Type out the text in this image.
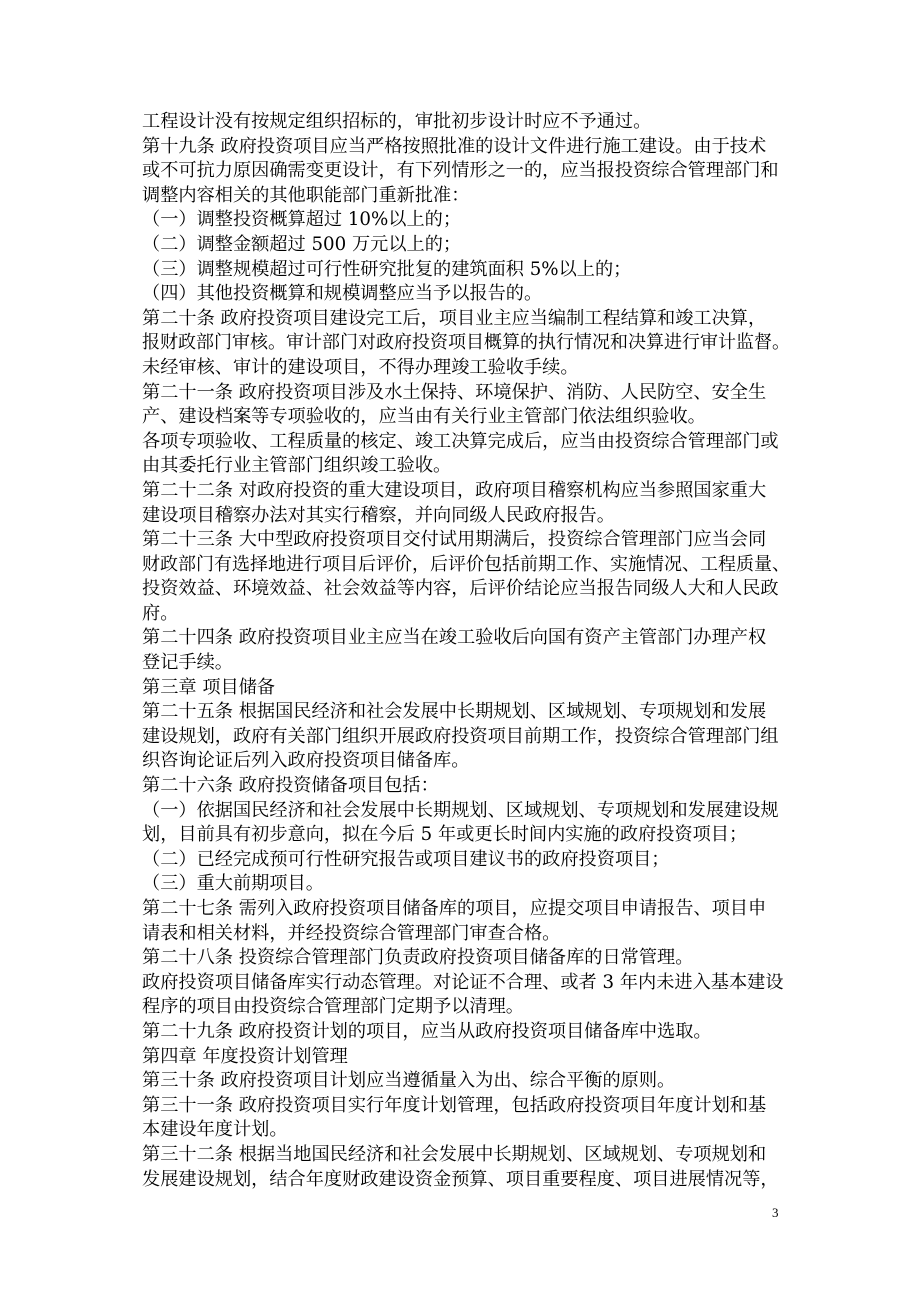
工程设计没有按规定组织招标的，审批初步设计时应不予通过。
第十九条 政府投资项目应当严格按照批准的设计文件进行施工建设。由于技术
或不可抗力原因确需变更设计，有下列情形之一的，应当报投资综合管理部门和
调整内容相关的其他职能部门重新批准：
（一）调整投资概算超过 10%以上的；
（二）调整金额超过 500 万元以上的；
（三）调整规模超过可行性研究批复的建筑面积 5%以上的；
（四）其他投资概算和规模调整应当予以报告的。
第二十条 政府投资项目建设完工后，项目业主应当编制工程结算和竣工决算，
报财政部门审核。审计部门对政府投资项目概算的执行情况和决算进行审计监督。
未经审核、审计的建设项目，不得办理竣工验收手续。
第二十一条 政府投资项目涉及水土保持、环境保护、消防、人民防空、安全生
产、建设档案等专项验收的，应当由有关行业主管部门依法组织验收。
各项专项验收、工程质量的核定、竣工决算完成后，应当由投资综合管理部门或
由其委托行业主管部门组织竣工验收。
第二十二条 对政府投资的重大建设项目，政府项目稽察机构应当参照国家重大
建设项目稽察办法对其实行稽察，并向同级人民政府报告。
第二十三条 大中型政府投资项目交付试用期满后，投资综合管理部门应当会同
财政部门有选择地进行项目后评价，后评价包括前期工作、实施情况、工程质量、
投资效益、环境效益、社会效益等内容，后评价结论应当报告同级人大和人民政
府。
第二十四条 政府投资项目业主应当在竣工验收后向国有资产主管部门办理产权
登记手续。
第三章 项目储备
第二十五条 根据国民经济和社会发展中长期规划、区域规划、专项规划和发展
建设规划，政府有关部门组织开展政府投资项目前期工作，投资综合管理部门组
织咨询论证后列入政府投资项目储备库。
第二十六条 政府投资储备项目包括：
（一）依据国民经济和社会发展中长期规划、区域规划、专项规划和发展建设规
划，目前具有初步意向，拟在今后 5 年或更长时间内实施的政府投资项目；
（二）已经完成预可行性研究报告或项目建议书的政府投资项目；
（三）重大前期项目。
第二十七条 需列入政府投资项目储备库的项目，应提交项目申请报告、项目申
请表和相关材料，并经投资综合管理部门审查合格。
第二十八条 投资综合管理部门负责政府投资项目储备库的日常管理。
政府投资项目储备库实行动态管理。对论证不合理、或者 3 年内未进入基本建设
程序的项目由投资综合管理部门定期予以清理。
第二十九条 政府投资计划的项目，应当从政府投资项目储备库中选取。
第四章 年度投资计划管理
第三十条 政府投资项目计划应当遵循量入为出、综合平衡的原则。
第三十一条 政府投资项目实行年度计划管理，包括政府投资项目年度计划和基
本建设年度计划。
第三十二条 根据当地国民经济和社会发展中长期规划、区域规划、专项规划和
发展建设规划，结合年度财政建设资金预算、项目重要程度、项目进展情况等，
3
